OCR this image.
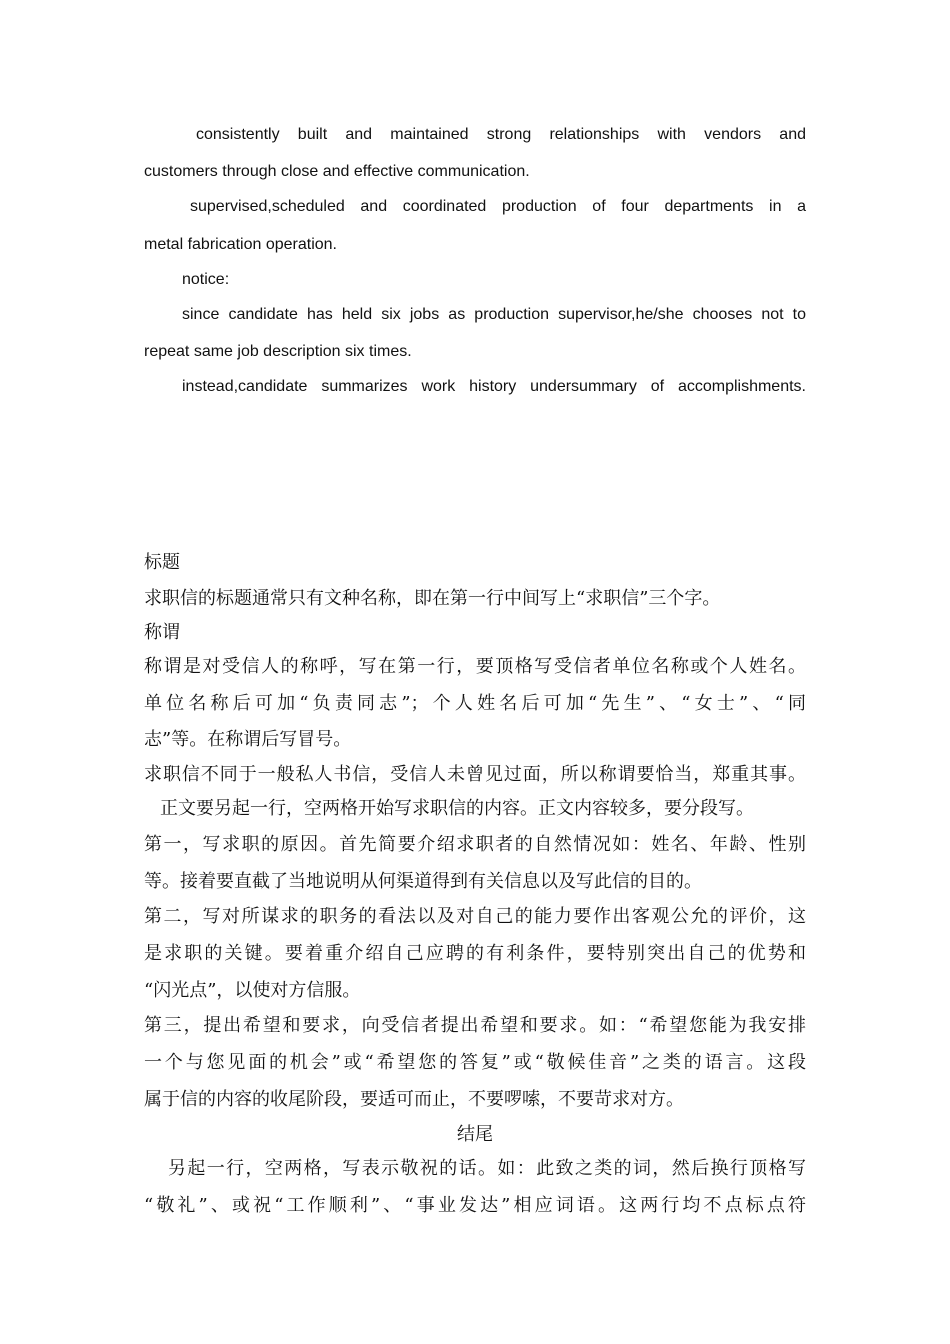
consistently built and maintained strong relationships with vendors and

customers through close and effective communication.

supervised,scheduled and coordinated production of four departments in a

metal fabrication operation.

notice:

since candidate has held six jobs as production supervisor,he/she chooses not to

repeat same job description six times.

instead,candidate summarizes work history undersummary of accomplishments.

标题

求职信的标题通常只有文种名称，即在第一行中间写上“求职信”三个字。

称谓

称谓是对受信人的称呼，写在第一行，要顶格写受信者单位名称或个人姓名。

单位名称后可加“负责同志”；个人姓名后可加“先生”、“女士”、“同

志”等。在称谓后写冒号。

求职信不同于一般私人书信，受信人未曾见过面，所以称谓要恰当，郑重其事。

正文要另起一行，空两格开始写求职信的内容。正文内容较多，要分段写。

第一，写求职的原因。首先简要介绍求职者的自然情况如：姓名、年龄、性别

等。接着要直截了当地说明从何渠道得到有关信息以及写此信的目的。

第二，写对所谋求的职务的看法以及对自己的能力要作出客观公允的评价，这

是求职的关键。要着重介绍自己应聘的有利条件，要特别突出自己的优势和

“闪光点”，以使对方信服。

第三，提出希望和要求，向受信者提出希望和要求。如：“希望您能为我安排

一个与您见面的机会”或“希望您的答复”或“敬候佳音”之类的语言。这段

属于信的内容的收尾阶段，要适可而止，不要啰嗦，不要苛求对方。

结尾

另起一行，空两格，写表示敬祝的话。如：此致之类的词，然后换行顶格写

“敬礼”、或祝“工作顺利”、“事业发达”相应词语。这两行均不点标点符
